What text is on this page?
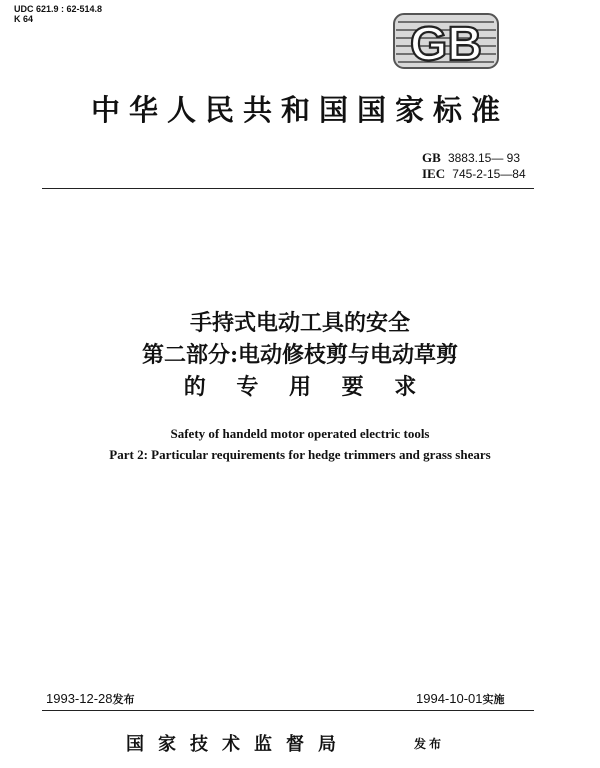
UDC 621.9 : 62-514.8
K 64	GB
中华人民共和国国家标准
GB 3883.15— 93
IEC 745-2-15—84
手持式电动工具的安全
第二部分:电动修枝剪与电动草剪
的    专    用    要    求
Safety of handeld motor operated electric tools
Part 2: Particular requirements for hedge trimmers and grass shears
1993-12-28发布	1994-10-01实施
国家技术监督局	发布
